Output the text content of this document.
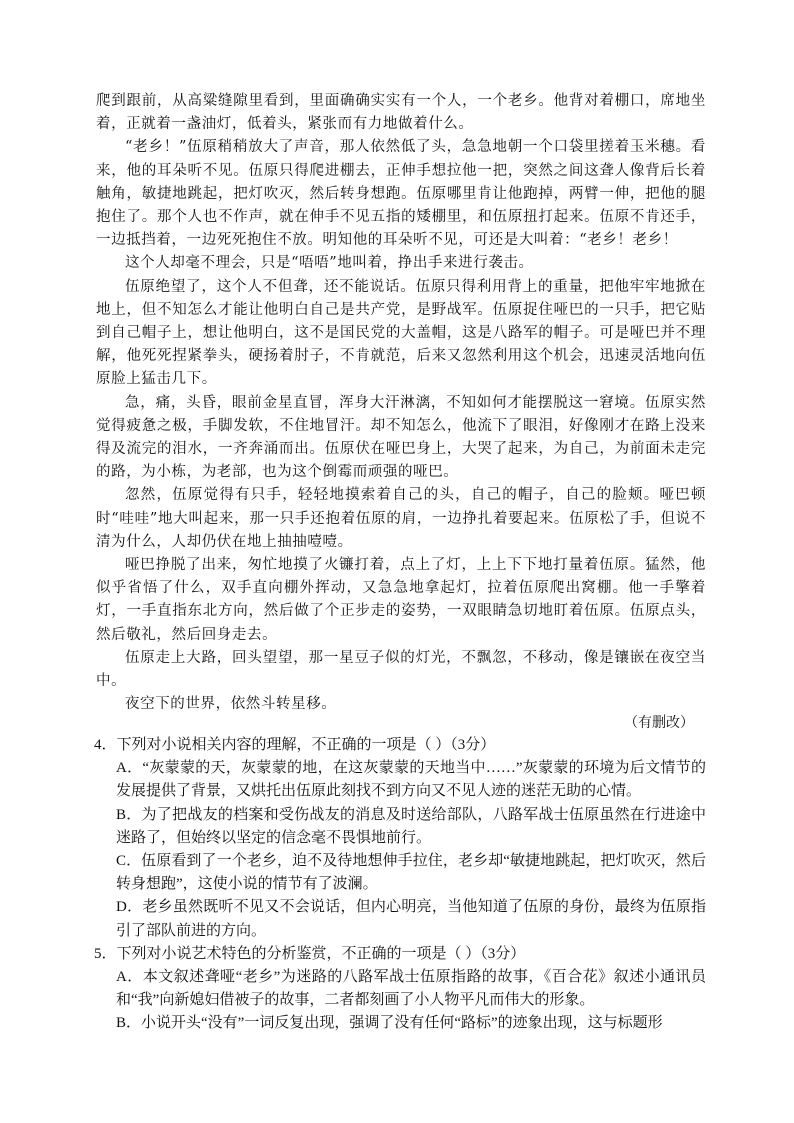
爬到跟前，从高粱缝隙里看到，里面确确实实有一个人，一个老乡。他背对着棚口，席地坐着，正就着一盏油灯，低着头，紧张而有力地做着什么。

“老乡！”伍原稍稍放大了声音，那人依然低了头，急急地朝一个口袋里搓着玉米穗。看来，他的耳朵听不见。伍原只得爬进棚去，正伸手想拉他一把，突然之间这聋人像背后长着触角，敏捷地跳起，把灯吹灭，然后转身想跑。伍原哪里肯让他跑掉，两臂一伸，把他的腿抱住了。那个人也不作声，就在伸手不见五指的矮棚里，和伍原扭打起来。伍原不肯还手，一边抵挡着，一边死死抱住不放。明知他的耳朵听不见，可还是大叫着：“老乡！老乡！

这个人却毫不理会，只是“唔唔”地叫着，挣出手来进行袭击。

伍原绝望了，这个人不但聋，还不能说话。伍原只得利用背上的重量，把他牢牢地掀在地上，但不知怎么才能让他明白自己是共产党，是野战军。伍原捉住哑巴的一只手，把它贴到自己帽子上，想让他明白，这不是国民党的大盖帽，这是八路军的帽子。可是哑巴并不理解，他死死捏紧拳头，硬扬着肘子，不肯就范，后来又忽然利用这个机会，迅速灵活地向伍原脸上猛击几下。

急，痛，头昏，眼前金星直冒，浑身大汗淋漓，不知如何才能摆脱这一窘境。伍原实然觉得疲惫之极，手脚发软，不住地冒汗。却不知怎么，他流下了眼泪，好像刚才在路上没来得及流完的泪水，一齐奔涌而出。伍原伏在哑巴身上，大哭了起来，为自己，为前面未走完的路，为小栋，为老部，也为这个倒霉而顽强的哑巴。

忽然，伍原觉得有只手，轻轻地摸索着自己的头，自己的帽子，自己的脸颊。哑巴顿时“哇哇”地大叫起来，那一只手还抱着伍原的肩，一边挣扎着要起来。伍原松了手，但说不清为什么，人却仍伏在地上抽抽噎噎。

哑巴挣脱了出来，匆忙地摸了火镰打着，点上了灯，上上下下地打量着伍原。猛然，他似乎省悟了什么，双手直向棚外挥动，又急急地拿起灯，拉着伍原爬出窝棚。他一手擎着灯，一手直指东北方向，然后做了个正步走的姿势，一双眼睛急切地盯着伍原。伍原点头，然后敬礼，然后回身走去。

伍原走上大路，回头望望，那一星豆子似的灯光，不飘忽，不移动，像是镶嵌在夜空当中。

夜空下的世界，依然斗转星移。

（有删改）

4．下列对小说相关内容的理解，不正确的一项是（ ）（3分）

A．“灰蒙蒙的天，灰蒙蒙的地，在这灰蒙蒙的天地当中……”灰蒙蒙的环境为后文情节的发展提供了背景，又烘托出伍原此刻找不到方向又不见人迹的迷茫无助的心情。

B．为了把战友的档案和受伤战友的消息及时送给部队，八路军战士伍原虽然在行进途中迷路了，但始终以坚定的信念毫不畏惧地前行。

C．伍原看到了一个老乡，迫不及待地想伸手拉住，老乡却“敏捷地跳起，把灯吹灭，然后转身想跑”，这使小说的情节有了波澜。

D．老乡虽然既听不见又不会说话，但内心明亮，当他知道了伍原的身份，最终为伍原指引了部队前进的方向。

5．下列对小说艺术特色的分析鉴赏，不正确的一项是（ ）（3分）

A．本文叙述聋哑“老乡”为迷路的八路军战士伍原指路的故事，《百合花》叙述小通讯员和“我”向新媳妇借被子的故事，二者都刻画了小人物平凡而伟大的形象。

B．小说开头“没有”一词反复出现，强调了没有任何“路标”的迹象出现，这与标题形
